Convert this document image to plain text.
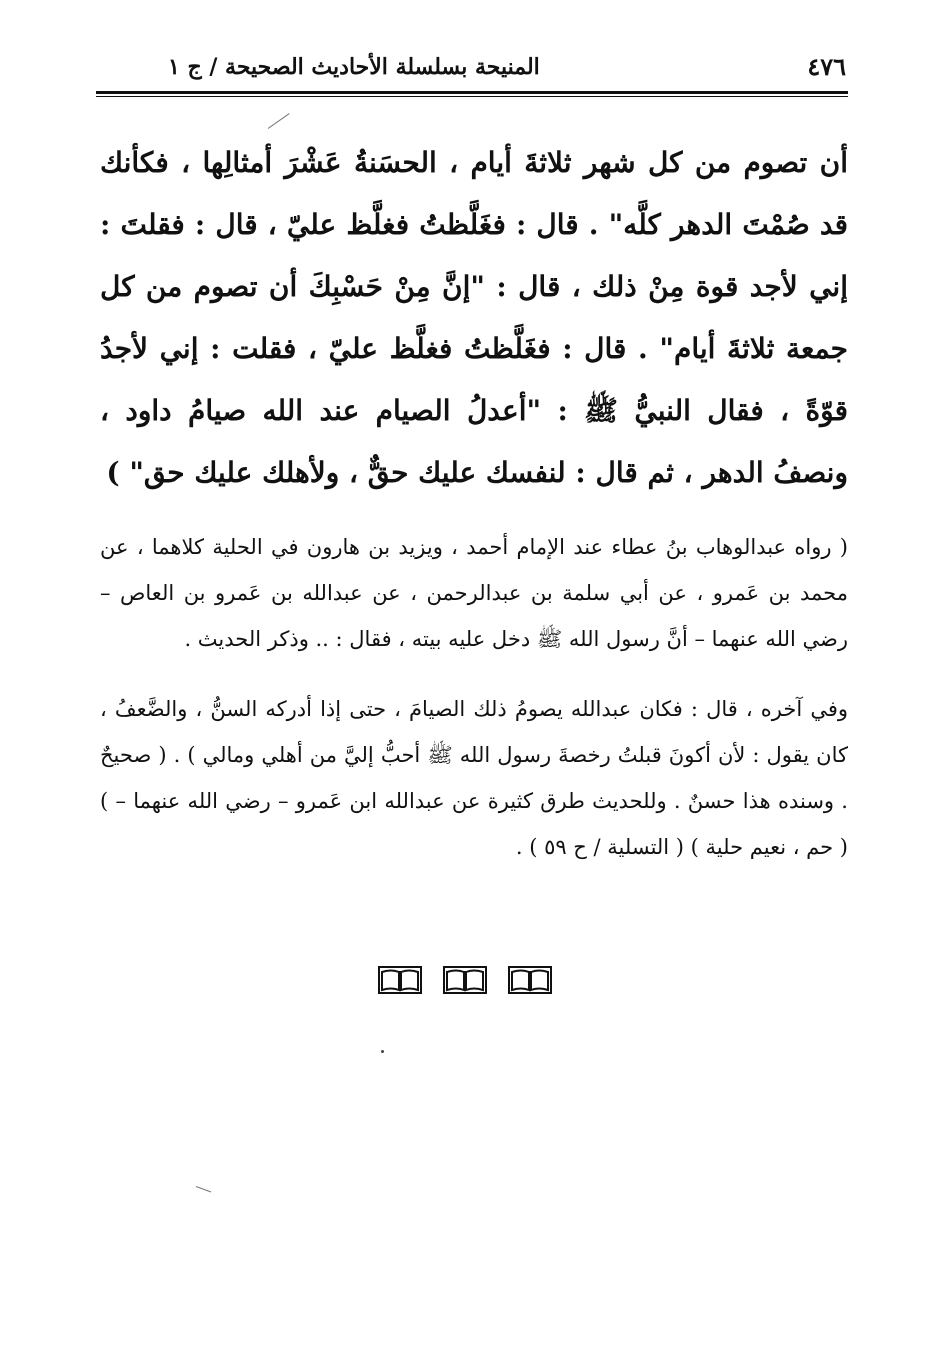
المنيحة بسلسلة الأحاديث الصحيحة / ج ١	٤٧٦

أن تصوم من كل شهر ثلاثةَ أيام ، الحسَنةُ عَشْرَ أمثالِها ، فكأنك قد صُمْتَ الدهر كلَّه" . قال : فغَلَّظتُ فغلَّظ عليّ ، قال : فقلتَ : إني لأجد قوة مِنْ ذلك ، قال : "إنَّ مِنْ حَسْبِكَ أن تصوم من كل جمعة ثلاثةَ أيام" . قال : فغَلَّظتُ فغلَّظ عليّ ، فقلت : إني لأجدُ قوّةً ، فقال النبيُّ ﷺ : "أعدلُ الصيام عند الله صيامُ داود ، ونصفُ الدهر ، ثم قال : لنفسك عليك حقٌّ ، ولأهلك عليك حق" )

( رواه عبدالوهاب بنُ عطاء عند الإمام أحمد ، ويزيد بن هارون في الحلية كلاهما ، عن محمد بن عَمرو ، عن أبي سلمة بن عبدالرحمن ، عن عبدالله بن عَمرو بن العاص – رضي الله عنهما – أنَّ رسول الله ﷺ دخل عليه بيته ، فقال : .. وذكر الحديث .

وفي آخره ، قال : فكان عبدالله يصومُ ذلك الصيامَ ، حتى إذا أدركه السنُّ ، والضَّعفُ ، كان يقول : لأن أكونَ قبلتُ رخصةَ رسول الله ﷺ أحبُّ إليَّ من أهلي ومالي ) . ( صحيحٌ . وسنده هذا حسنٌ . وللحديث طرق كثيرة عن عبدالله ابن عَمرو – رضي الله عنهما – ) ( حم ، نعيم حلية ) ( التسلية / ح ٥٩ ) .
